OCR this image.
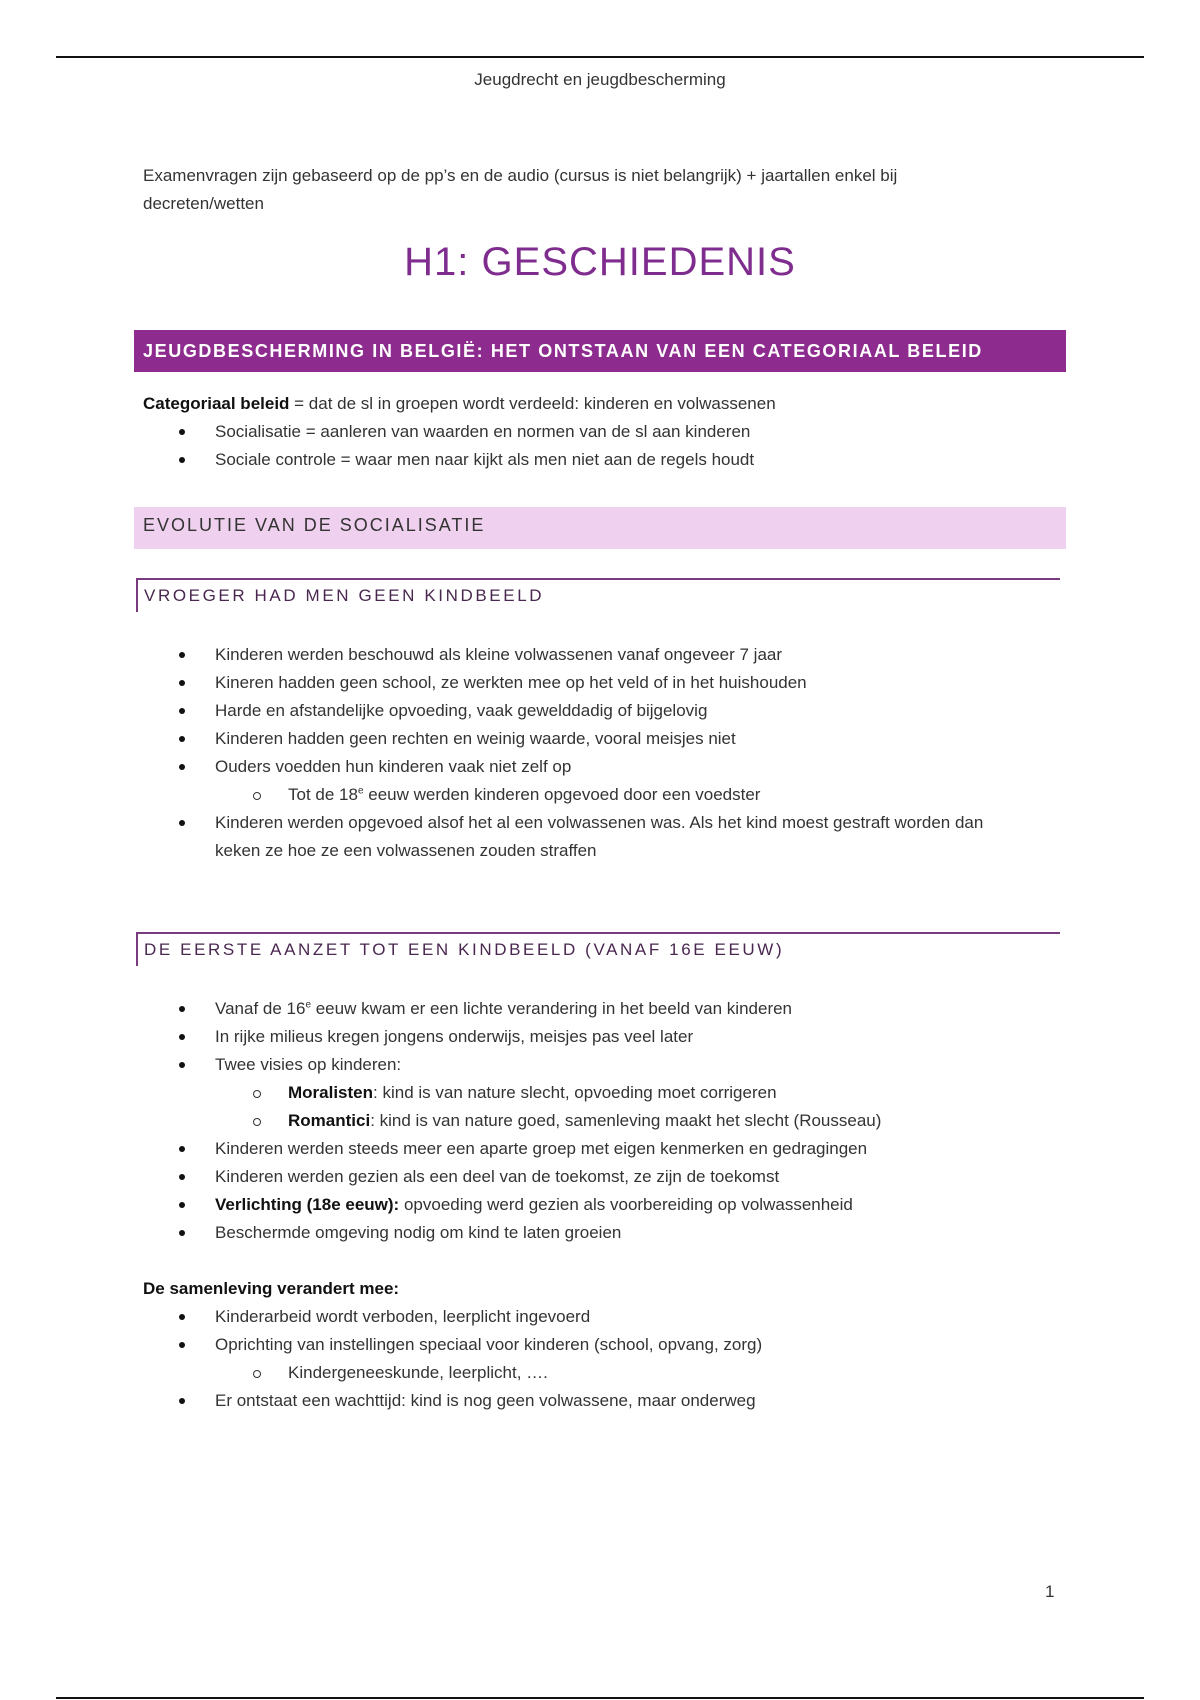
Jeugdrecht en jeugdbescherming
Examenvragen zijn gebaseerd op de pp’s en de audio (cursus is niet belangrijk) + jaartallen enkel bij decreten/wetten
H1: GESCHIEDENIS
JEUGDBESCHERMING IN BELGIË: HET ONTSTAAN VAN EEN CATEGORIAAL BELEID
Categoriaal beleid = dat de sl in groepen wordt verdeeld: kinderen en volwassenen
Socialisatie = aanleren van waarden en normen van de sl aan kinderen
Sociale controle = waar men naar kijkt als men niet aan de regels houdt
EVOLUTIE VAN DE SOCIALISATIE
VROEGER HAD MEN GEEN KINDBEELD
Kinderen werden beschouwd als kleine volwassenen vanaf ongeveer 7 jaar
Kineren hadden geen school, ze werkten mee op het veld of in het huishouden
Harde en afstandelijke opvoeding, vaak gewelddadig of bijgelovig
Kinderen hadden geen rechten en weinig waarde, vooral meisjes niet
Ouders voedden hun kinderen vaak niet zelf op
Tot de 18e eeuw werden kinderen opgevoed door een voedster
Kinderen werden opgevoed alsof het al een volwassenen was. Als het kind moest gestraft worden dan
keken ze hoe ze een volwassenen zouden straffen
DE EERSTE AANZET TOT EEN KINDBEELD (VANAF 16E EEUW)
Vanaf de 16e eeuw kwam er een lichte verandering in het beeld van kinderen
In rijke milieus kregen jongens onderwijs, meisjes pas veel later
Twee visies op kinderen:
Moralisten: kind is van nature slecht, opvoeding moet corrigeren
Romantici: kind is van nature goed, samenleving maakt het slecht (Rousseau)
Kinderen werden steeds meer een aparte groep met eigen kenmerken en gedragingen
Kinderen werden gezien als een deel van de toekomst, ze zijn de toekomst
Verlichting (18e eeuw): opvoeding werd gezien als voorbereiding op volwassenheid
Beschermde omgeving nodig om kind te laten groeien
De samenleving verandert mee:
Kinderarbeid wordt verboden, leerplicht ingevoerd
Oprichting van instellingen speciaal voor kinderen (school, opvang, zorg)
Kindergeneeskunde, leerplicht, ….
Er ontstaat een wachttijd: kind is nog geen volwassene, maar onderweg
1
